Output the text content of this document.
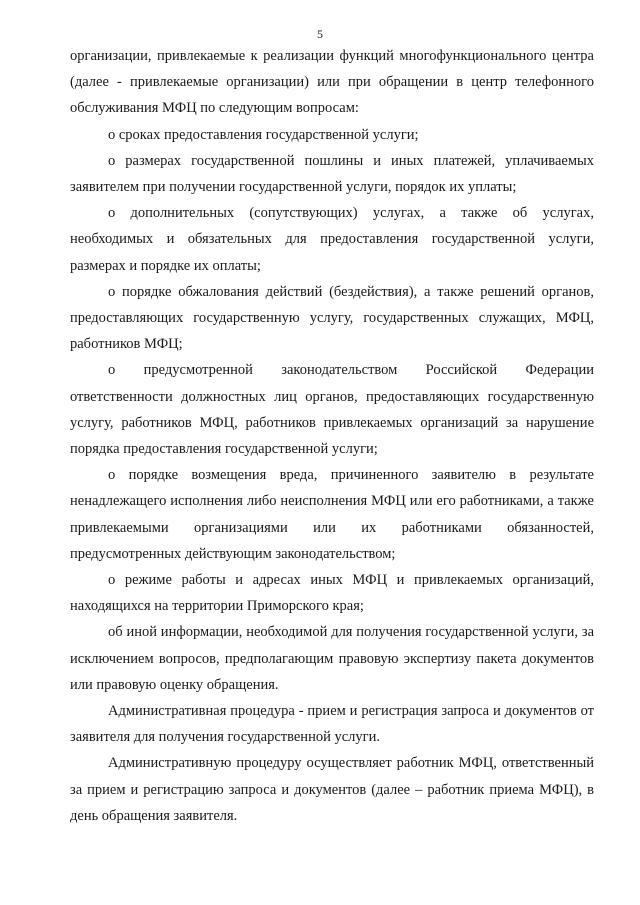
5

организации, привлекаемые к реализации функций многофункционального центра (далее - привлекаемые организации) или при обращении в центр телефонного обслуживания МФЦ по следующим вопросам:

о сроках предоставления государственной услуги;

о размерах государственной пошлины и иных платежей, уплачиваемых заявителем при получении государственной услуги, порядок их уплаты;

о дополнительных (сопутствующих) услугах, а также об услугах, необходимых и обязательных для предоставления государственной услуги, размерах и порядке их оплаты;

о порядке обжалования действий (бездействия), а также решений органов, предоставляющих государственную услугу, государственных служащих, МФЦ, работников МФЦ;

о предусмотренной законодательством Российской Федерации ответственности должностных лиц органов, предоставляющих государственную услугу, работников МФЦ, работников привлекаемых организаций за нарушение порядка предоставления государственной услуги;

о порядке возмещения вреда, причиненного заявителю в результате ненадлежащего исполнения либо неисполнения МФЦ или его работниками, а также привлекаемыми организациями или их работниками обязанностей, предусмотренных действующим законодательством;

о режиме работы и адресах иных МФЦ и привлекаемых организаций, находящихся на территории Приморского края;

об иной информации, необходимой для получения государственной услуги, за исключением вопросов, предполагающим правовую экспертизу пакета документов или правовую оценку обращения.

Административная процедура - прием и регистрация запроса и документов от заявителя для получения государственной услуги.

Административную процедуру осуществляет работник МФЦ, ответственный за прием и регистрацию запроса и документов (далее – работник приема МФЦ), в день обращения заявителя.
